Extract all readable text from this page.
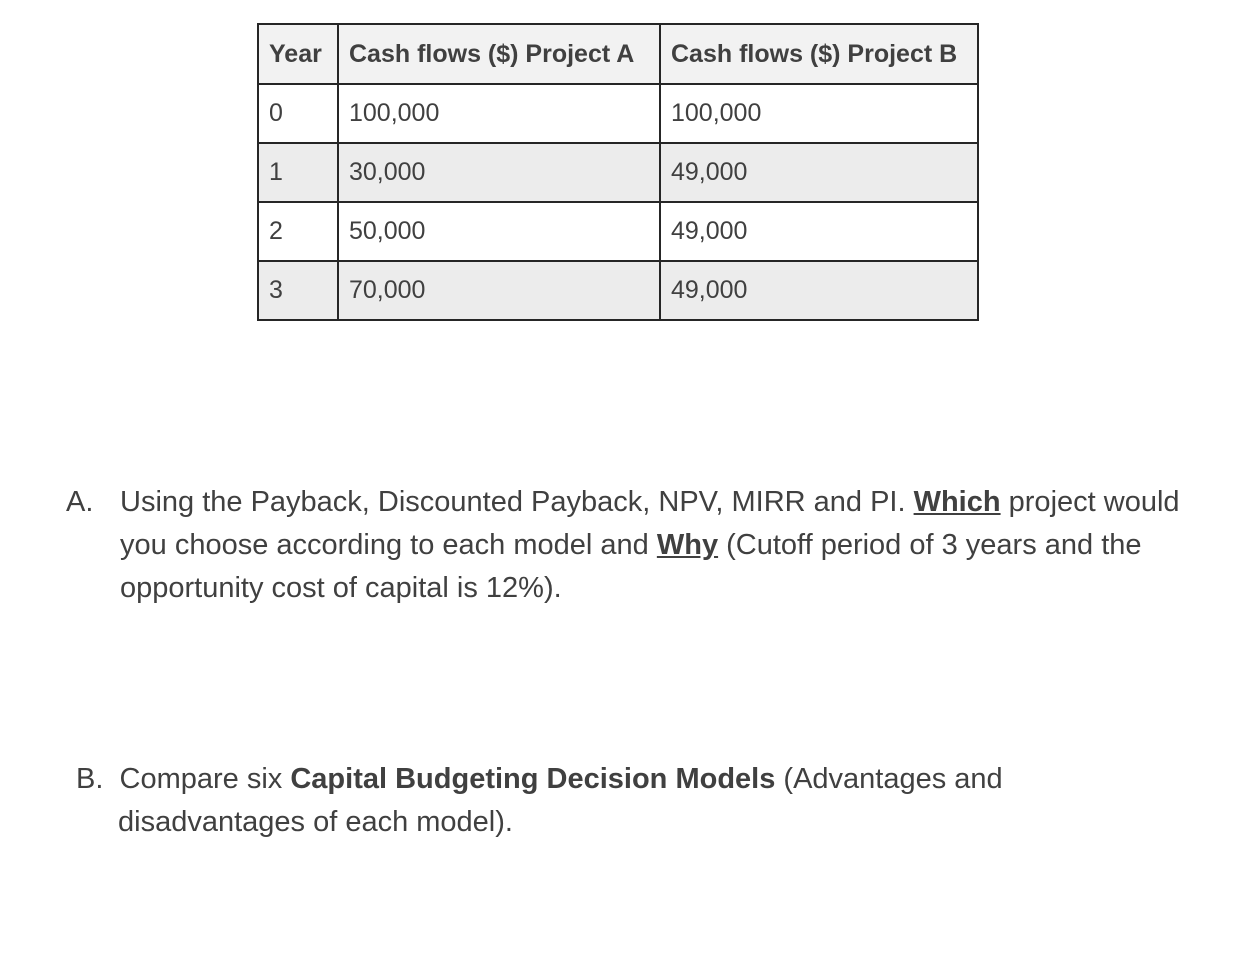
Year	Cash flows ($) Project A	Cash flows ($) Project B
0	100,000	100,000
1	30,000	49,000
2	50,000	49,000
3	70,000	49,000
A. Using the Payback, Discounted Payback, NPV, MIRR and PI. Which project would you choose according to each model and Why (Cutoff period of 3 years and the opportunity cost of capital is 12%).
B. Compare six Capital Budgeting Decision Models (Advantages and
disadvantages of each model).
